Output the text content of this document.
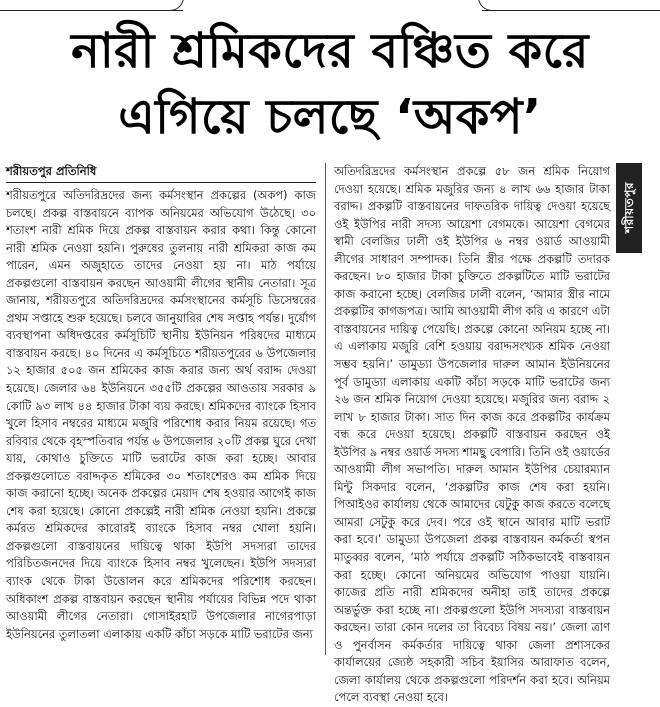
নারী শ্রমিকদের বঞ্চিত করে
এগিয়ে চলছে ‘অকপ’
শরীয়তপুর প্রতিনিধি

শরীয়তপুরে অতিদরিদ্রদের জন্য কর্মসংস্থান প্রকল্পের (অকপ) কাজ চলছে। প্রকল্প বাস্তবায়নে ব্যাপক অনিয়মের অভিযোগ উঠেছে। ৩০ শতাংশ নারী শ্রমিক দিয়ে প্রকল্প বাস্তবায়ন করার কথা। কিন্তু কোনো নারী শ্রমিক নেওয়া হয়নি। পুরুষের তুলনায় নারী শ্রমিকরা কাজ কম পারেন, এমন অজুহাতে তাদের নেওয়া হয় না। মাঠ পর্যায়ে প্রকল্পগুলো বাস্তবায়ন করছেন আওয়ামী লীগের স্থানীয় নেতারা। সূত্র জানায়, শরীয়তপুরে অতিদরিদ্রদের কর্মসংস্থানের কর্মসূচি ডিসেম্বরের প্রথম সপ্তাহে শুরু হয়েছে। চলবে জানুয়ারির শেষ সপ্তাহ পর্যন্ত। দুর্যোগ ব্যবস্থাপনা অধিদপ্তরের কর্মসূচিটি স্থানীয় ইউনিয়ন পরিষদের মাধ্যমে বাস্তবায়ন করছে। ৪০ দিনের এ কর্মসূচিতে শরীয়তপুরের ৬ উপজেলার ১২ হাজার ৫০৫ জন শ্রমিকের কাজ করার জন্য অর্থ বরাদ্দ দেওয়া হয়েছে। জেলার ৬৪ ইউনিয়নে ৩৫৫টি প্রকল্পের আওতায় সরকার ৯ কোটি ৯৩ লাখ ৪৪ হাজার টাকা ব্যয় করছে। শ্রমিকদের ব্যাংকে হিসাব খুলে হিসাব নম্বরের মাধ্যমে মজুরি পরিশোধ করার নিয়ম রয়েছে। গত রবিবার থেকে বৃহস্পতিবার পর্যন্ত ৬ উপজেলার ২০টি প্রকল্প ঘুরে দেখা যায়, কোথাও চুক্তিতে মাটি ভরাটের কাজ করা হচ্ছে। আবার প্রকল্পগুলোতে বরাদ্দকৃত শ্রমিকের ৩০ শতাংশেরও কম শ্রমিক দিয়ে কাজ করানো হচ্ছে। অনেক প্রকল্পের মেয়াদ শেষ হওয়ার আগেই কাজ শেষ করা হয়েছে। কোনো প্রকল্পেই নারী শ্রমিক নেওয়া হয়নি। প্রকল্পে কর্মরত শ্রমিকদের কারোরই ব্যাংকে হিসাব নম্বর খোলা হয়নি। প্রকল্পগুলো বাস্তবায়নের দায়িত্বে থাকা ইউপি সদস্যরা তাদের পরিচিতজনদের দিয়ে ব্যাংকে হিসাব নম্বর খুলেছেন। ইউপি সদস্যরা ব্যাংক থেকে টাকা উত্তোলন করে শ্রমিকদের পরিশোধ করছেন। অধিকাংশ প্রকল্প বাস্তবায়ন করছেন স্থানীয় পর্যায়ের বিভিন্ন পদে থাকা আওয়ামী লীগের নেতারা। গোসাইরহাট উপজেলার নাগেরপাড়া ইউনিয়নের তুলাতলা এলাকায় একটি কাঁচা সড়কে মাটি ভরাটের জন্য

অতিদরিদ্রদের কর্মসংস্থান প্রকল্পে ৫৮ জন শ্রমিক নিয়োগ দেওয়া হয়েছে। শ্রমিক মজুরির জন্য ৪ লাখ ৬৬ হাজার টাকা বরাদ্দ। প্রকল্পটি বাস্তবায়নের দাফতরিক দায়িত্ব দেওয়া হয়েছে ওই ইউপির নারী সদস্য আয়েশা বেগমকে। আয়েশা বেগমের স্বামী বেলজির ঢালী ওই ইউপির ৬ নম্বর ওয়ার্ড আওয়ামী লীগের সাধারণ সম্পাদক। তিনি স্ত্রীর পক্ষে প্রকল্পটি তদারক করছেন। ৮০ হাজার টাকা চুক্তিতে প্রকল্পটিতে মাটি ভরাটের কাজ করানো হচ্ছে। বেলজির ঢালী বলেন, ‘আমার স্ত্রীর নামে প্রকল্পটির কাগজপত্র। আমি আওয়ামী লীগ করি এ কারণে এটা বাস্তবায়নের দায়িত্ব পেয়েছি। প্রকল্পে কোনো অনিয়ম হচ্ছে না। এ এলাকায় মজুরি বেশি হওয়ায় বরাদ্দসংখ্যক শ্রমিক নেওয়া সম্ভব হয়নি।’ ডামুড্যা উপজেলার দারুল আমান ইউনিয়নের পূর্ব ডামুড্যা এলাকায় একটি কাঁচা সড়কে মাটি ভরাটের জন্য ২৬ জন শ্রমিক নিয়োগ দেওয়া হয়েছে। মজুরির জন্য বরাদ্দ ২ লাখ ৮ হাজার টাকা। সাত দিন কাজ করে প্রকল্পটির কার্যক্রম বন্ধ করে দেওয়া হয়েছে। প্রকল্পটি বাস্তবায়ন করছেন ওই ইউপির ৯ নম্বর ওয়ার্ড সদস্য শামছু বেপারি। তিনি ওই ওয়ার্ডের আওয়ামী লীগ সভাপতি। দারুল আমান ইউপির চেয়ারম্যান মিন্টু সিকদার বলেন, ‘প্রকল্পটির কাজ শেষ করা হয়নি। পিআইওর কার্যালয় থেকে আমাদের যেটুকু কাজ করতে বলেছে আমরা সেটুকু করে দেব। পরে ওই স্থানে আবার মাটি ভরাট করা হবে।’ ডামুড্যা উপজেলা প্রকল্প বাস্তবায়ন কর্মকর্তা স্বপন মাতুব্বর বলেন, ‘মাঠ পর্যায়ে প্রকল্পটি সঠিকভাবেই বাস্তবায়ন করা হচ্ছে। কোনো অনিয়মের অভিযোগ পাওয়া যায়নি। কাজের প্রতি নারী শ্রমিকদের অনীহা তাই তাদের প্রকল্পে অন্তর্ভুক্ত করা হচ্ছে না। প্রকল্পগুলো ইউপি সদস্যরা বাস্তবায়ন করছেন। তারা কোন দলের তা বিবেচ্য বিষয় নয়।’ জেলা ত্রাণ ও পুনর্বাসন কর্মকর্তার দায়িত্বে থাকা জেলা প্রশাসকের কার্যালয়ের জ্যেষ্ঠ সহকারী সচিব ইয়াসির আরাফাত বলেন, জেলা কার্যালয় থেকে প্রকল্পগুলো পরিদর্শন করা হবে। অনিয়ম পেলে ব্যবস্থা নেওয়া হবে।

শরীয়তপুর
